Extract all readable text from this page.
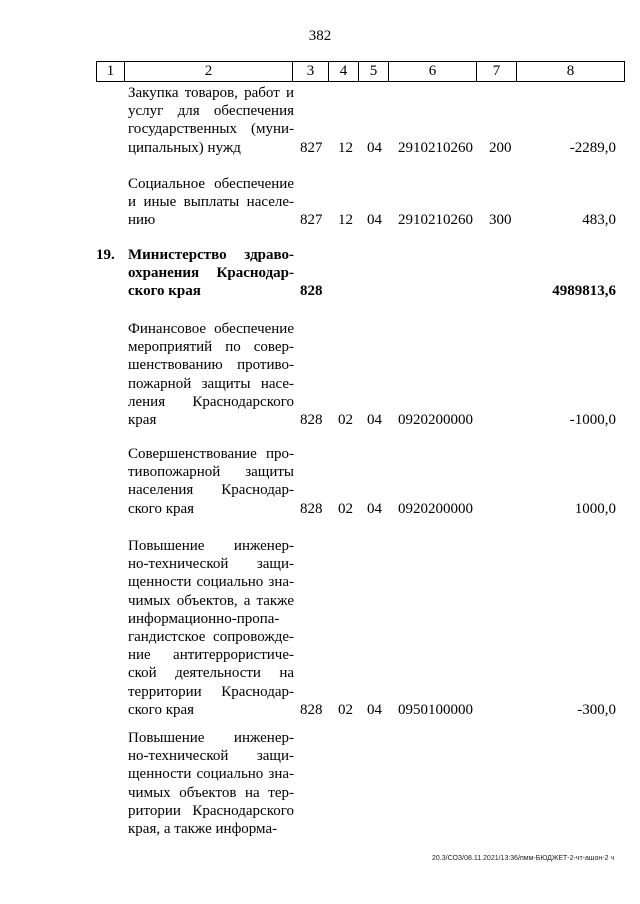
382
1	2	3	4	5	6	7	8
Закупка товаров, работ и
услуг для обеспечения
государственных (муни-
ципальных) нужд	827 12 04 2910210260 200	-2289,0
Социальное обеспечение
и иные выплаты населе-
нию	827 12 04 2910210260 300	483,0
19. Министерство здраво-
охранения Краснодар-
ского края	828	4989813,6
Финансовое обеспечение
мероприятий по совер-
шенствованию противо-
пожарной защиты насе-
ления Краснодарского
края	828 02 04 0920200000	-1000,0
Совершенствование про-
тивопожарной защиты
населения Краснодар-
ского края	828 02 04 0920200000	1000,0
Повышение инженер-
но-технической защи-
щенности социально зна-
чимых объектов, а также
информационно-пропа-
гандистское сопровожде-
ние антитеррористиче-
ской деятельности на
территории Краснодар-
ского края	828 02 04 0950100000	-300,0
Повышение инженер-
но-технической защи-
щенности социально зна-
чимых объектов на тер-
ритории Краснодарского
края, а также информа-
20.3/СОЗ/08.11.2021/13:36/пмм-БЮДЖЕТ-2-чт-ашон-2 ч
